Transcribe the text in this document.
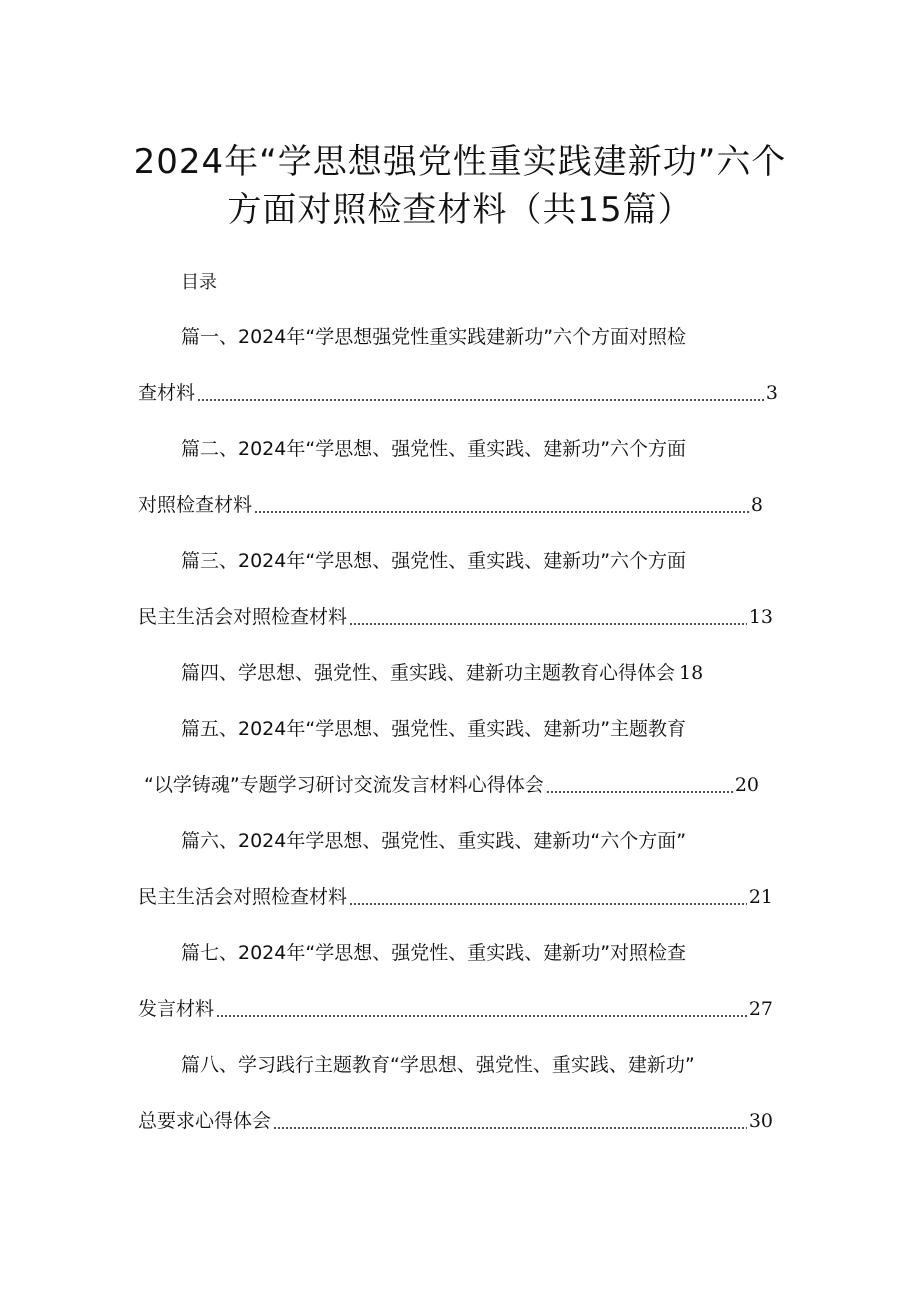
2024年“学思想强党性重实践建新功”六个
方面对照检查材料（共15篇）
目录
篇一、2024年“学思想强党性重实践建新功”六个方面对照检
查材料	3
篇二、2024年“学思想、强党性、重实践、建新功”六个方面
对照检查材料	8
篇三、2024年“学思想、强党性、重实践、建新功”六个方面
民主生活会对照检查材料	13
篇四、学思想、强党性、重实践、建新功主题教育心得体会 18
篇五、2024年“学思想、强党性、重实践、建新功”主题教育
“以学铸魂”专题学习研讨交流发言材料心得体会	20
篇六、2024年学思想、强党性、重实践、建新功“六个方面”
民主生活会对照检查材料	21
篇七、2024年“学思想、强党性、重实践、建新功”对照检查
发言材料	27
篇八、学习践行主题教育“学思想、强党性、重实践、建新功”
总要求心得体会	30
